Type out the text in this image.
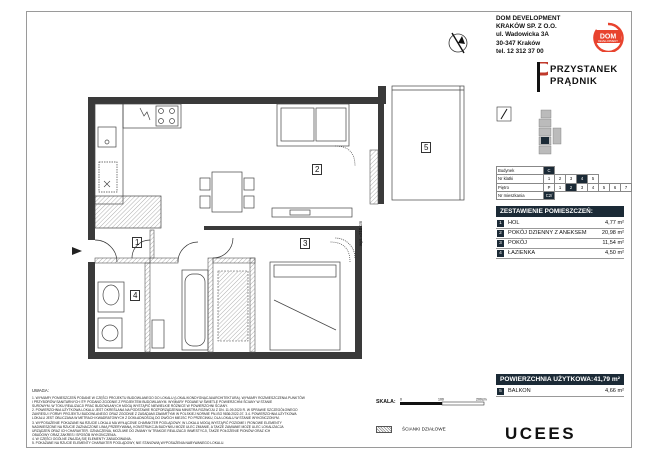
1
2
3
4
5
wys.=210 cm
DOM DEVELOPMENT
KRAKÓW SP. Z O.O.
ul. Wadowicka 3A
30-347 Kraków
tel. 12 312 37 00
DOM
DEVELOPMENT
PRZYSTANEK
PRĄDNIK
Budynek	C							
Nr klatki	1	2	3	4	5			
Piętro	P	1	2	3	4	5	6	7
Nr mieszkania	C2/							
ZESTAWIENIE POMIESZCZEŃ:
1	HOL	4,77 m²
2	POKÓJ DZIENNY Z ANEKSEM	20,98 m²
3	POKÓJ	11,54 m²
4	ŁAZIENKA	4,50 m²
POWIERZCHNIA UŻYTKOWA: 41,79 m²
5	BALKON	4,66 m²
UWAGA:
1. WYMIARY POMIESZCZEŃ PODANE W CZĘŚCI PROJEKTU BUDOWLANEGO DO LOKALU (LOKAL/KONDYGNACJA/ARCHITEKTURA). WYMIARY ROZMIESZCZENIA PUNKTÓW
I PRZYBORÓW SANITARNYCH ITP. PODANO ZGODNIE Z PROJEKTEM BUDOWLANYM. WYMIARY PODANE W ŚWIETLE POWIERZCHNI ŚCIANY W STANIE
SUROWYM. W TOKU REALIZACJI PRAC BUDOWLANYCH MOGĄ WYSTĄPIĆ NIEWIELKIE RÓŻNICE W POWIERZCHNI ŚCIANY.
2. POWIERZCHNIA UŻYTKOWA LOKALU JEST OKREŚLANA NA PODSTAWIE ROZPORZĄDZENIA MINISTRA ROZWOJU Z DN. 11.09.2020 R. W SPRAWIE SZCZEGÓŁOWEGO
ZAKRESU I FORMY PROJEKTU BUDOWLANEGO ORAZ ZGODNIE Z ZASADAMI ZAWARTYMI W POLSKIEJ NORMIE PN-ISO 9836:2022-07. 3.4. POWIERZCHNIA UŻYTKOWA
LOKALU JEST OBLICZANA W METRACH KWADRATOWYCH Z DOKŁADNOŚCIĄ DO DWÓCH MIEJSC PO PRZECINKU, DLA LOKALU W STANIE WYKOŃCZONYM.
3. WYPOSAŻENIE POKAZANE NA RZUCIE LOKALU MA WYŁĄCZNIE CHARAKTER POGLĄDOWY. W LOKALU MOGĄ WYSTĄPIĆ POZIOME I PIONOWE ELEMENTY
NADWIESZONE NA RZUCIE ZAZNACZONE LINIĄ PRZERYWANĄ. KONSTRUKCJA BUDYNKU MOŻE ULEC ZMIANIE, A TAKŻE ZAMIANIE MOŻE ULEC LOKALIZACJA
URZĄDZEŃ ORAZ ICH CHARAKTER. OZNACZENIA, MOŻLIWE DO ZMIANY W TRAKCIE REALIZACJI INWESTYCJI, TAKŻE POŁOŻENIE PIONÓW ORAZ ICH
OBUDOWY ORAZ ZAKRES I SPOSÓB WYKOŃCZENIA.
4. W CZĘŚCI OGÓLNE ZNAJDĄ SIĘ ELEMENTY ZABUDOWANIA.
5. POKAZANE NA RZUCIE ELEMENTY CHARAKTER POGLĄDOWY, NIE STANOWIĄ WYPOSAŻENIA NABYWANEGO LOKALU.
SKALA: 0	100	200cm
ŚCIANKI DZIAŁOWE	UCEES
